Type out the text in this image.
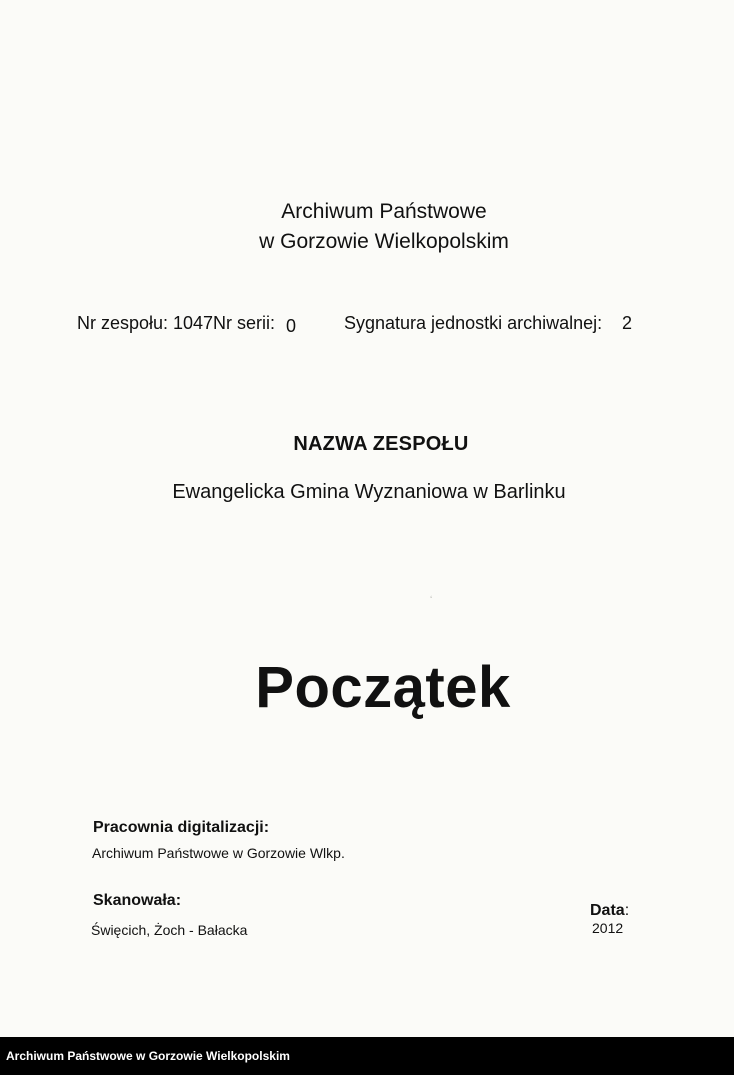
Archiwum Państwowe
w Gorzowie Wielkopolskim
Nr zespołu: 1047 Nr serii: 0	Sygnatura jednostki archiwalnej: 2
NAZWA ZESPOŁU
Ewangelicka Gmina Wyznaniowa w Barlinku
ʻ
Początek
Pracownia digitalizacji:
Archiwum Państwowe w Gorzowie Wlkp.
Skanowała:
Święcich, Żoch - Bałacka
Data:
2012
Archiwum Państwowe w Gorzowie Wielkopolskim
